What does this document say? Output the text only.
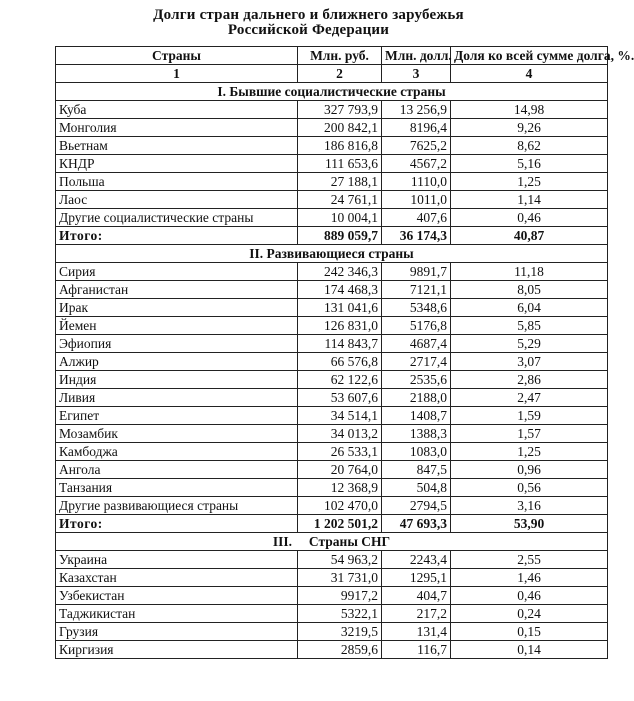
Долги стран дальнего и ближнего зарубежья
Российской Федерации
Страны	Млн. руб.	Млн. долл.	Доля ко всей сумме долга, %.
1	2	3	4
I. Бывшие социалистические страны			
Куба	327 793,9	13 256,9	14,98
Монголия	200 842,1	8196,4	9,26
Вьетнам	186 816,8	7625,2	8,62
КНДР	111 653,6	4567,2	5,16
Польша	27 188,1	1110,0	1,25
Лаос	24 761,1	1011,0	1,14
Другие социалистические страны	10 004,1	407,6	0,46
Итого:	889 059,7	36 174,3	40,87
II. Развивающиеся страны			
Сирия	242 346,3	9891,7	11,18
Афганистан	174 468,3	7121,1	8,05
Ирак	131 041,6	5348,6	6,04
Йемен	126 831,0	5176,8	5,85
Эфиопия	114 843,7	4687,4	5,29
Алжир	66 576,8	2717,4	3,07
Индия	62 122,6	2535,6	2,86
Ливия	53 607,6	2188,0	2,47
Египет	34 514,1	1408,7	1,59
Мозамбик	34 013,2	1388,3	1,57
Камбоджа	26 533,1	1083,0	1,25
Ангола	20 764,0	847,5	0,96
Танзания	12 368,9	504,8	0,56
Другие развивающиеся страны	102 470,0	2794,5	3,16
Итого:	1 202 501,2	47 693,3	53,90
III.     Страны СНГ			
Украина	54 963,2	2243,4	2,55
Казахстан	31 731,0	1295,1	1,46
Узбекистан	9917,2	404,7	0,46
Таджикистан	5322,1	217,2	0,24
Грузия	3219,5	131,4	0,15
Киргизия	2859,6	116,7	0,14
